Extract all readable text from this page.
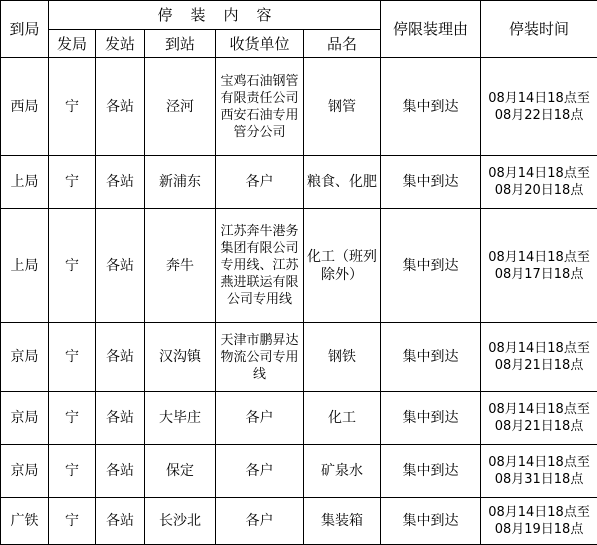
到局	停装内容					停限装理由	停装时间
	发局	发站	到站	收货单位	品名		
西局	宁	各站	泾河	宝鸡石油钢管有限责任公司西安石油专用管分公司	钢管	集中到达	08月14日18点至08月22日18点
上局	宁	各站	新浦东	各户	粮食、化肥	集中到达	08月14日18点至08月20日18点
上局	宁	各站	奔牛	江苏奔牛港务集团有限公司专用线、江苏燕进联运有限公司专用线	化工（班列除外）	集中到达	08月14日18点至08月17日18点
京局	宁	各站	汉沟镇	天津市鹏昇达物流公司专用线	钢铁	集中到达	08月14日18点至08月21日18点
京局	宁	各站	大毕庄	各户	化工	集中到达	08月14日18点至08月21日18点
京局	宁	各站	保定	各户	矿泉水	集中到达	08月14日18点至08月31日18点
广铁	宁	各站	长沙北	各户	集装箱	集中到达	08月14日18点至08月19日18点
